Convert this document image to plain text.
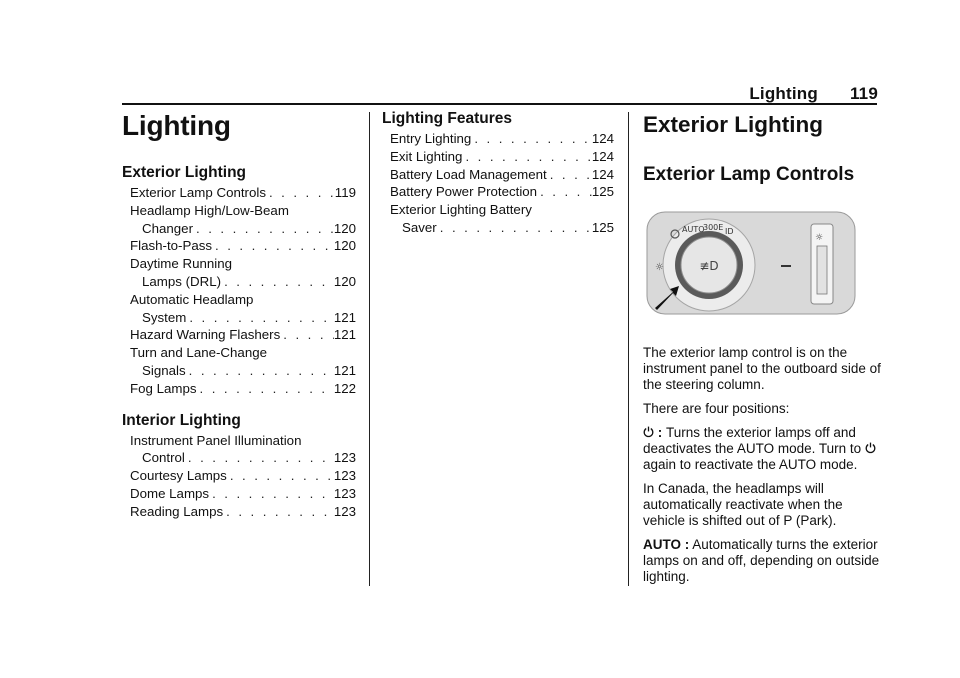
Lighting 119
Lighting
Exterior Lighting
Exterior Lamp Controls . . .	119
Headlamp High/Low-Beam
Changer . . .	120
Flash-to-Pass . . .	120
Daytime Running
Lamps (DRL) . . .	120
Automatic Headlamp
System . . .	121
Hazard Warning Flashers . . .	121
Turn and Lane-Change
Signals . . .	121
Fog Lamps . . .	122
Interior Lighting
Instrument Panel Illumination
Control . . .	123
Courtesy Lamps . . .	123
Dome Lamps . . .	123
Reading Lamps . . .	123
Lighting Features
Entry Lighting . . .	124
Exit Lighting . . .	124
Battery Load Management . . .	124
Battery Power Protection . . .	125
Exterior Lighting Battery
Saver . . .	125
Exterior Lighting
Exterior Lamp Controls
≢D
AUTO
300E ID
☼
☼

The exterior lamp control is on the instrument panel to the outboard side of the steering column.

There are four positions:

: Turns the exterior lamps off and deactivates the AUTO mode. Turn to  again to reactivate the AUTO mode.

In Canada, the headlamps will automatically reactivate when the vehicle is shifted out of P (Park).

AUTO : Automatically turns the exterior lamps on and off, depending on outside lighting.
